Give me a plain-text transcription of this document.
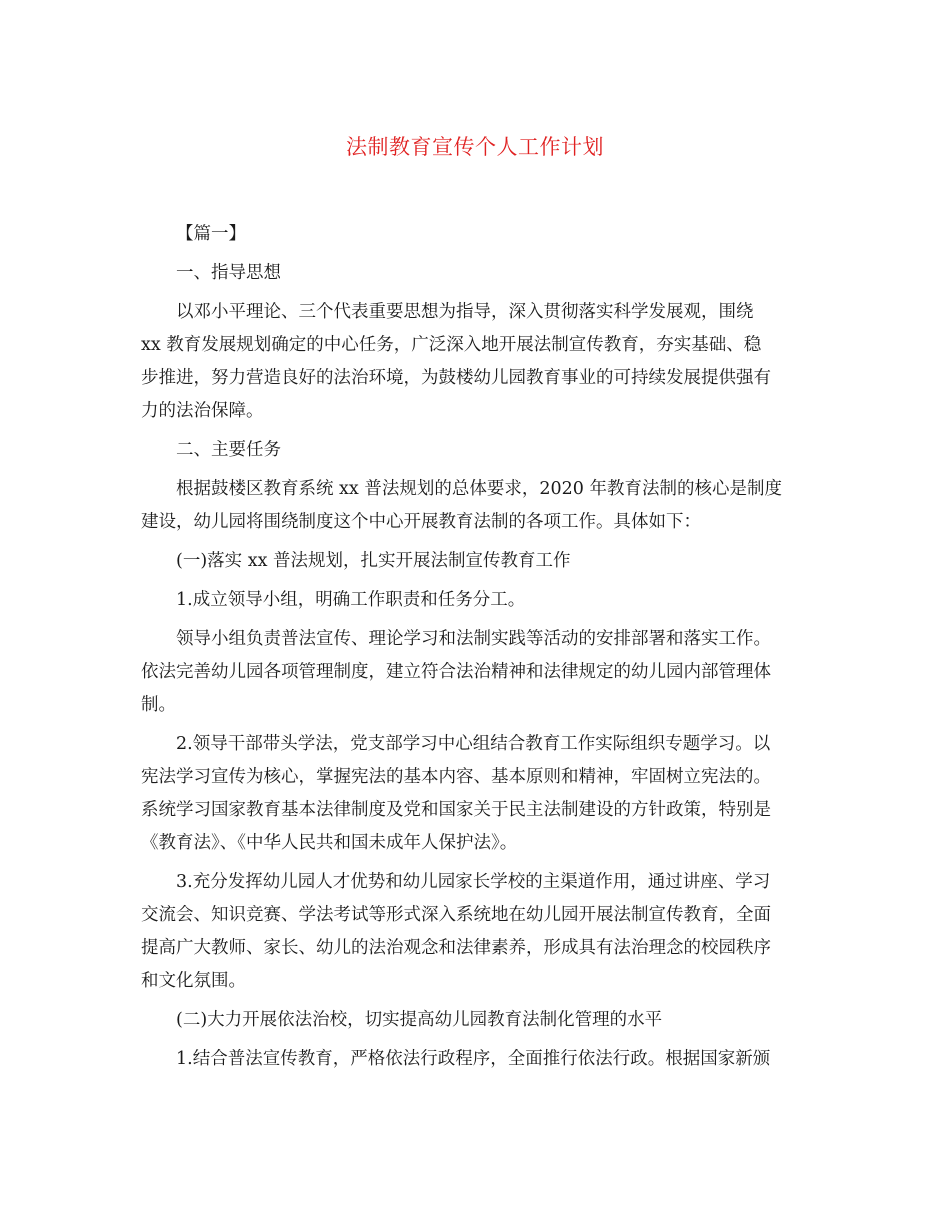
法制教育宣传个人工作计划
【篇一】
一、指导思想
以邓小平理论、三个代表重要思想为指导，深入贯彻落实科学发展观，围绕
xx 教育发展规划确定的中心任务，广泛深入地开展法制宣传教育，夯实基础、稳
步推进，努力营造良好的法治环境，为鼓楼幼儿园教育事业的可持续发展提供强有
力的法治保障。
二、主要任务
根据鼓楼区教育系统 xx 普法规划的总体要求，2020 年教育法制的核心是制度
建设，幼儿园将围绕制度这个中心开展教育法制的各项工作。具体如下：
(一)落实 xx 普法规划，扎实开展法制宣传教育工作
1.成立领导小组，明确工作职责和任务分工。
领导小组负责普法宣传、理论学习和法制实践等活动的安排部署和落实工作。
依法完善幼儿园各项管理制度，建立符合法治精神和法律规定的幼儿园内部管理体
制。
2.领导干部带头学法，党支部学习中心组结合教育工作实际组织专题学习。以
宪法学习宣传为核心，掌握宪法的基本内容、基本原则和精神，牢固树立宪法的。
系统学习国家教育基本法律制度及党和国家关于民主法制建设的方针政策，特别是
《教育法》、《中华人民共和国未成年人保护法》。
3.充分发挥幼儿园人才优势和幼儿园家长学校的主渠道作用，通过讲座、学习
交流会、知识竞赛、学法考试等形式深入系统地在幼儿园开展法制宣传教育，全面
提高广大教师、家长、幼儿的法治观念和法律素养，形成具有法治理念的校园秩序
和文化氛围。
(二)大力开展依法治校，切实提高幼儿园教育法制化管理的水平
1.结合普法宣传教育，严格依法行政程序，全面推行依法行政。根据国家新颁
